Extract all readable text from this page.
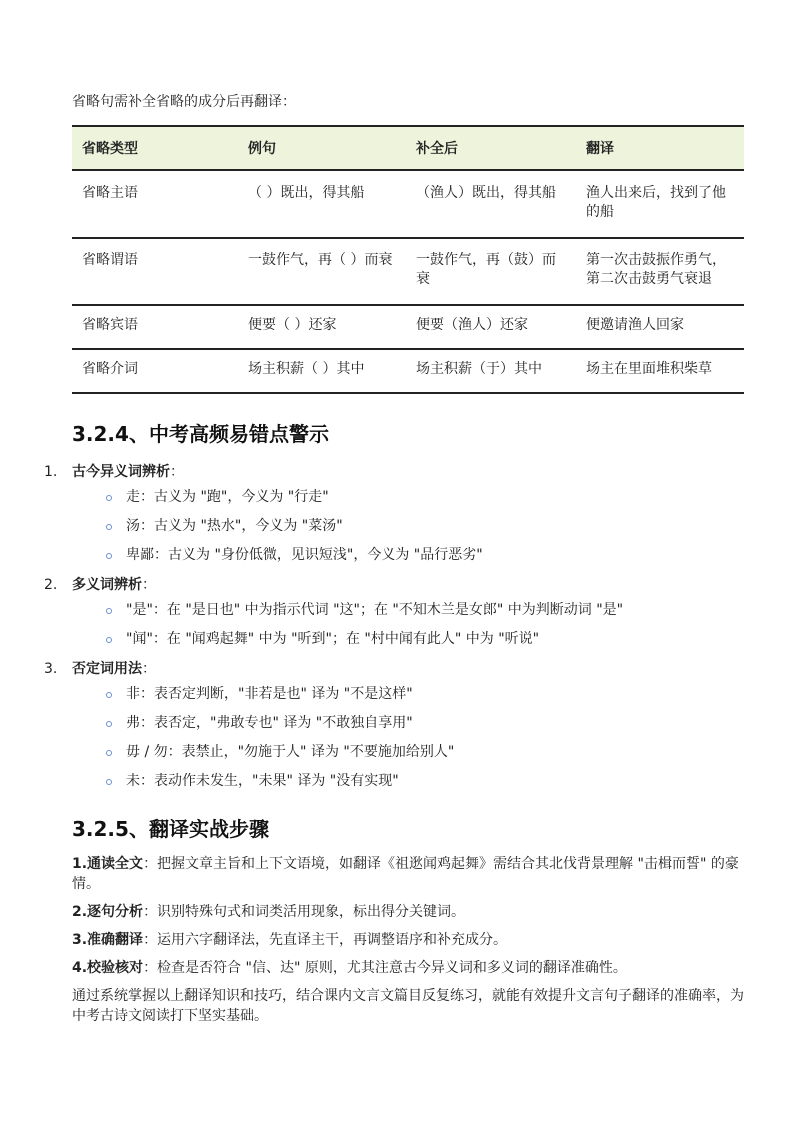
省略句需补全省略的成分后再翻译：

省略类型	例句	补全后	翻译
省略主语	（ ）既出，得其船	（渔人）既出，得其船	渔人出来后，找到了他的船
省略谓语	一鼓作气，再（ ）而衰	一鼓作气，再（鼓）而衰	第一次击鼓振作勇气，第二次击鼓勇气衰退
省略宾语	便要（ ）还家	便要（渔人）还家	便邀请渔人回家
省略介词	场主积薪（ ）其中	场主积薪（于）其中	场主在里面堆积柴草
3.2.4、中考高频易错点警示
1. 古今异义词辨析：
走：古义为 "跑"，今义为 "行走"
汤：古义为 "热水"，今义为 "菜汤"
卑鄙：古义为 "身份低微，见识短浅"，今义为 "品行恶劣"
2. 多义词辨析：
"是"：在 "是日也" 中为指示代词 "这"；在 "不知木兰是女郎" 中为判断动词 "是"
"闻"：在 "闻鸡起舞" 中为 "听到"；在 "村中闻有此人" 中为 "听说"
3. 否定词用法：
非：表否定判断，"非若是也" 译为 "不是这样"
弗：表否定，"弗敢专也" 译为 "不敢独自享用"
毋 / 勿：表禁止，"勿施于人" 译为 "不要施加给别人"
未：表动作未发生，"未果" 译为 "没有实现"
3.2.5、翻译实战步骤

1.通读全文：把握文章主旨和上下文语境，如翻译《祖逖闻鸡起舞》需结合其北伐背景理解 "击楫而誓" 的豪情。

2.逐句分析：识别特殊句式和词类活用现象，标出得分关键词。

3.准确翻译：运用六字翻译法，先直译主干，再调整语序和补充成分。

4.校验核对：检查是否符合 "信、达" 原则，尤其注意古今异义词和多义词的翻译准确性。

通过系统掌握以上翻译知识和技巧，结合课内文言文篇目反复练习，就能有效提升文言句子翻译的准确率，为中考古诗文阅读打下坚实基础。
